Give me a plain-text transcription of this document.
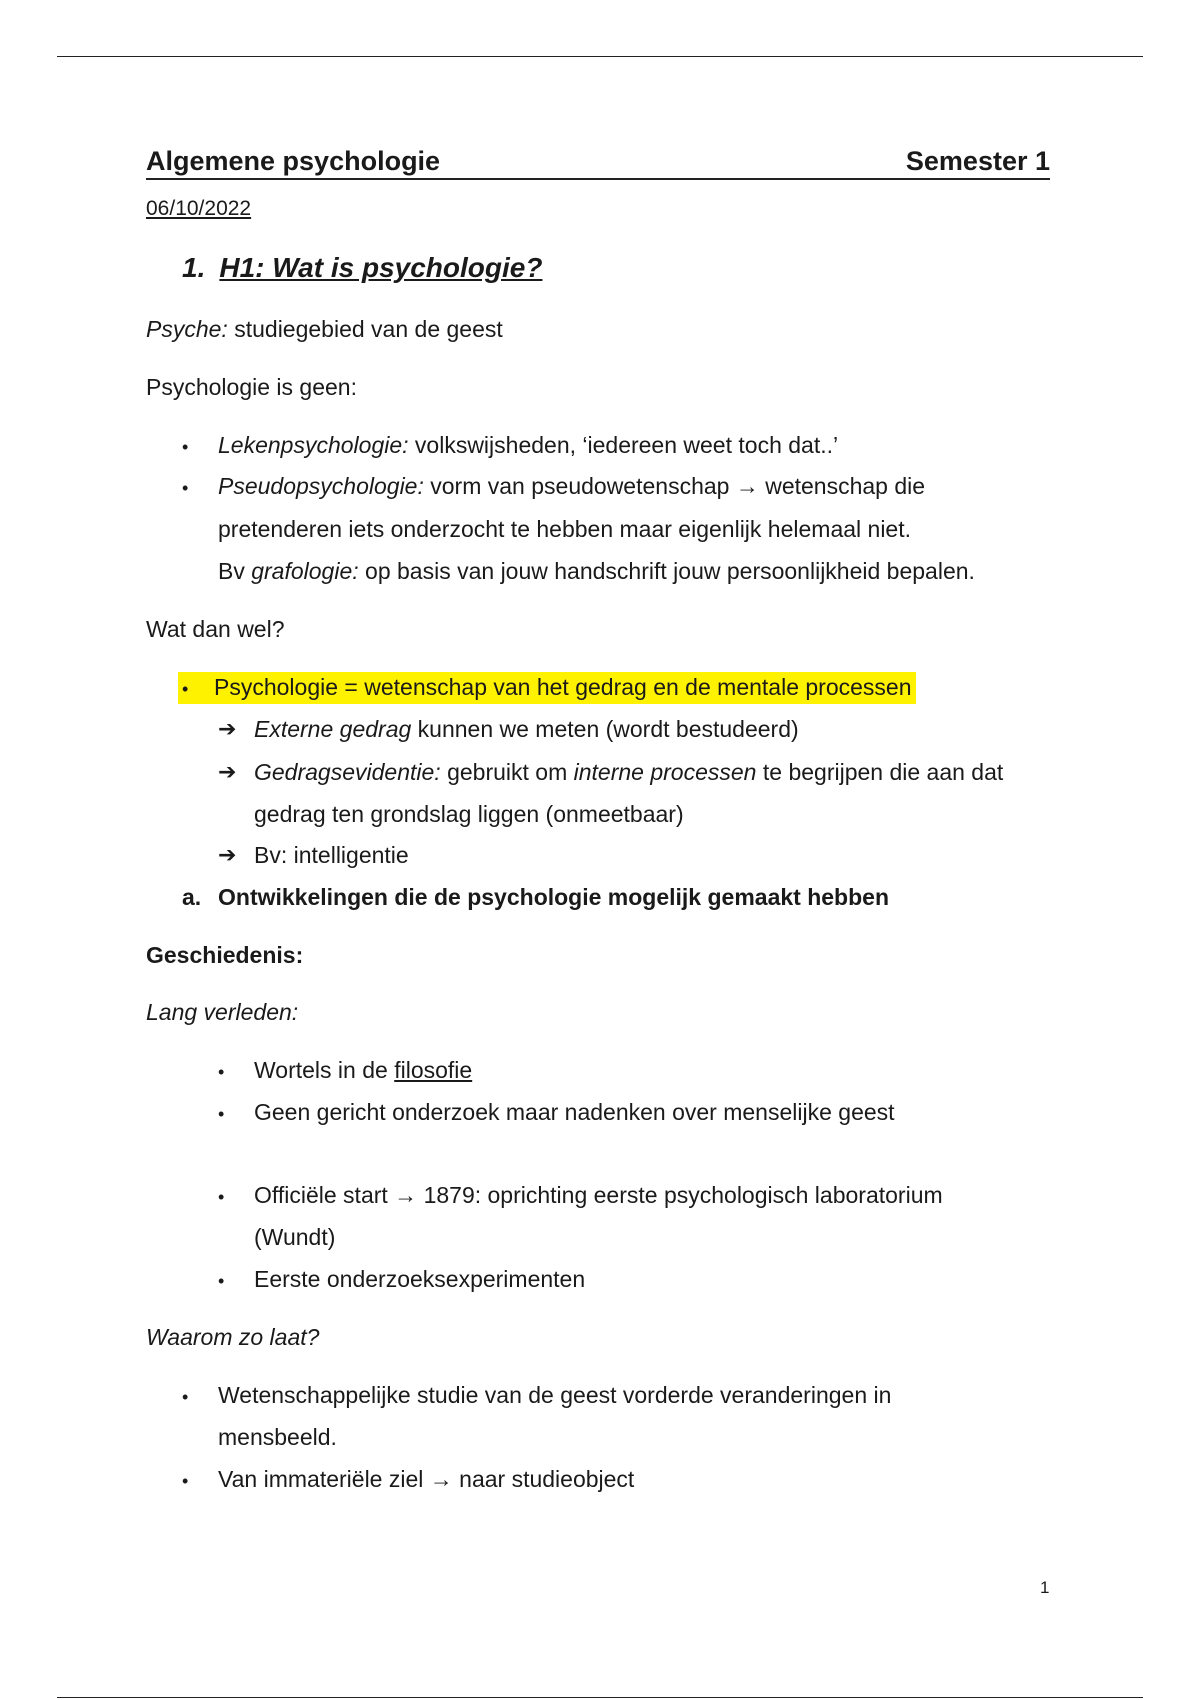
Algemene psychologie	Semester 1
06/10/2022
1. H1: Wat is psychologie?
Psyche: studiegebied van de geest
Psychologie is geen:
• Lekenpsychologie: volkswijsheden, ‘iedereen weet toch dat..’
• Pseudopsychologie: vorm van pseudowetenschap → wetenschap die
pretenderen iets onderzocht te hebben maar eigenlijk helemaal niet.
Bv grafologie: op basis van jouw handschrift jouw persoonlijkheid bepalen.
Wat dan wel?
• Psychologie = wetenschap van het gedrag en de mentale processen
➔ Externe gedrag kunnen we meten (wordt bestudeerd)
➔ Gedragsevidentie: gebruikt om interne processen te begrijpen die aan dat
gedrag ten grondslag liggen (onmeetbaar)
➔ Bv: intelligentie
a. Ontwikkelingen die de psychologie mogelijk gemaakt hebben
Geschiedenis:
Lang verleden:
• Wortels in de filosofie
• Geen gericht onderzoek maar nadenken over menselijke geest
• Officiële start → 1879: oprichting eerste psychologisch laboratorium
(Wundt)
• Eerste onderzoeksexperimenten
Waarom zo laat?
• Wetenschappelijke studie van de geest vorderde veranderingen in
mensbeeld.
• Van immateriële ziel → naar studieobject
1
